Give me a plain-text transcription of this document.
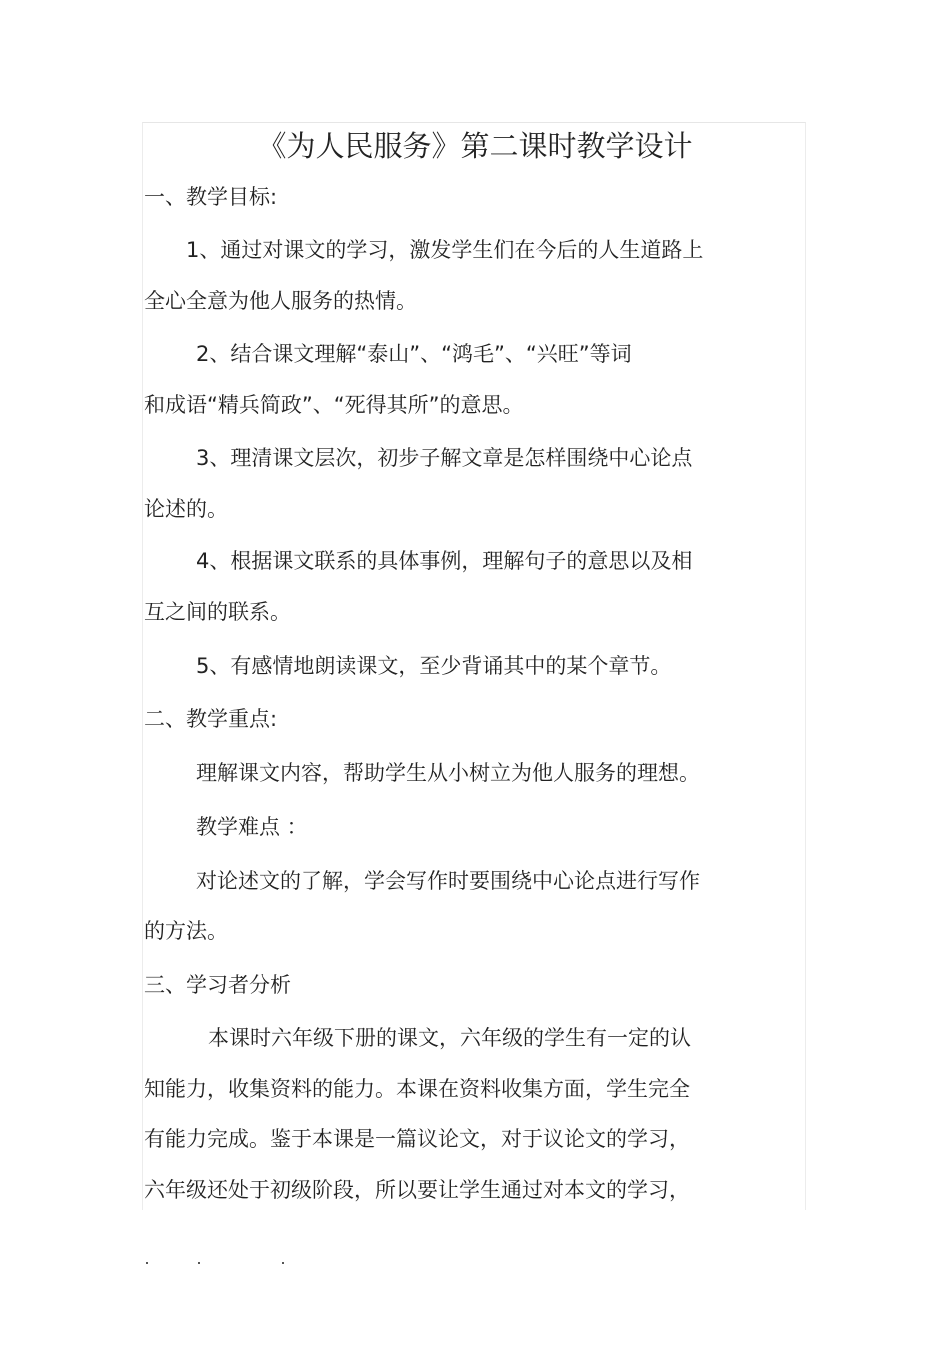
《为人民服务》第二课时教学设计
一、教学目标:
1、通过对课文的学习，激发学生们在今后的人生道路上
全心全意为他人服务的热情。
2、结合课文理解“泰山”、“鸿毛”、“兴旺”等词
和成语“精兵简政”、“死得其所”的意思。
3、理清课文层次，初步子解文章是怎样围绕中心论点
论述的。
4、根据课文联系的具体事例，理解句子的意思以及相
互之间的联系。
5、有感情地朗读课文，至少背诵其中的某个章节。
二、教学重点:
理解课文内容，帮助学生从小树立为他人服务的理想。
教学难点 ：
对论述文的了解，学会写作时要围绕中心论点进行写作
的方法。
三、学习者分析
本课时六年级下册的课文，六年级的学生有一定的认
知能力，收集资料的能力。本课在资料收集方面，学生完全
有能力完成。鉴于本课是一篇议论文，对于议论文的学习，
六年级还处于初级阶段，所以要让学生通过对本文的学习，
